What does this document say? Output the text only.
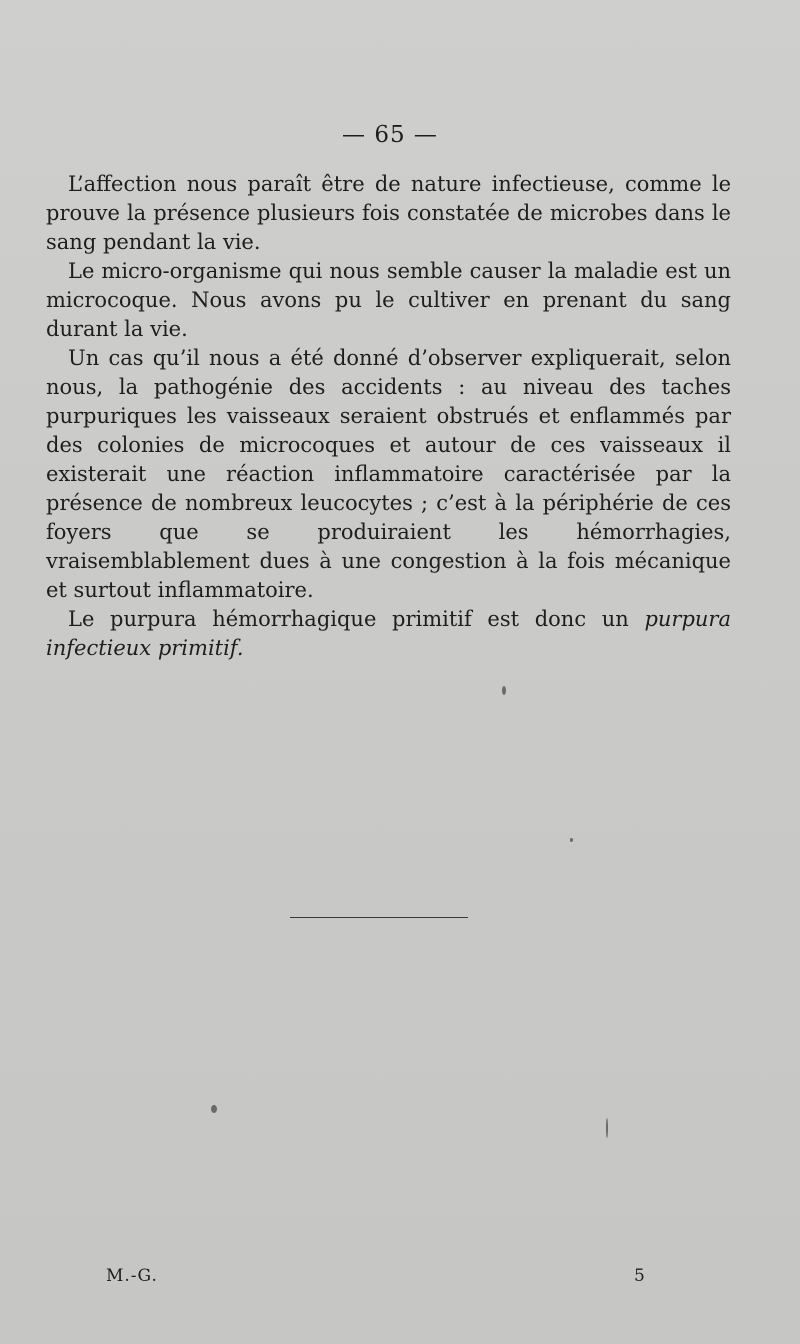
— 65 —

L’affection nous paraît être de nature infectieuse, comme le prouve la présence plusieurs fois constatée de microbes dans le sang pendant la vie.

Le micro-organisme qui nous semble causer la maladie est un microcoque. Nous avons pu le cultiver en prenant du sang durant la vie.

Un cas qu’il nous a été donné d’observer expliquerait, selon nous, la pathogénie des accidents : au niveau des taches purpuriques les vaisseaux seraient obstrués et enflammés par des colonies de microcoques et autour de ces vaisseaux il existerait une réaction inflammatoire caractérisée par la présence de nombreux leucocytes ; c’est à la périphérie de ces foyers que se produiraient les hémorrhagies, vraisemblablement dues à une congestion à la fois mécanique et surtout inflammatoire.

Le purpura hémorrhagique primitif est donc un purpura infectieux primitif.

M.-G.	5
